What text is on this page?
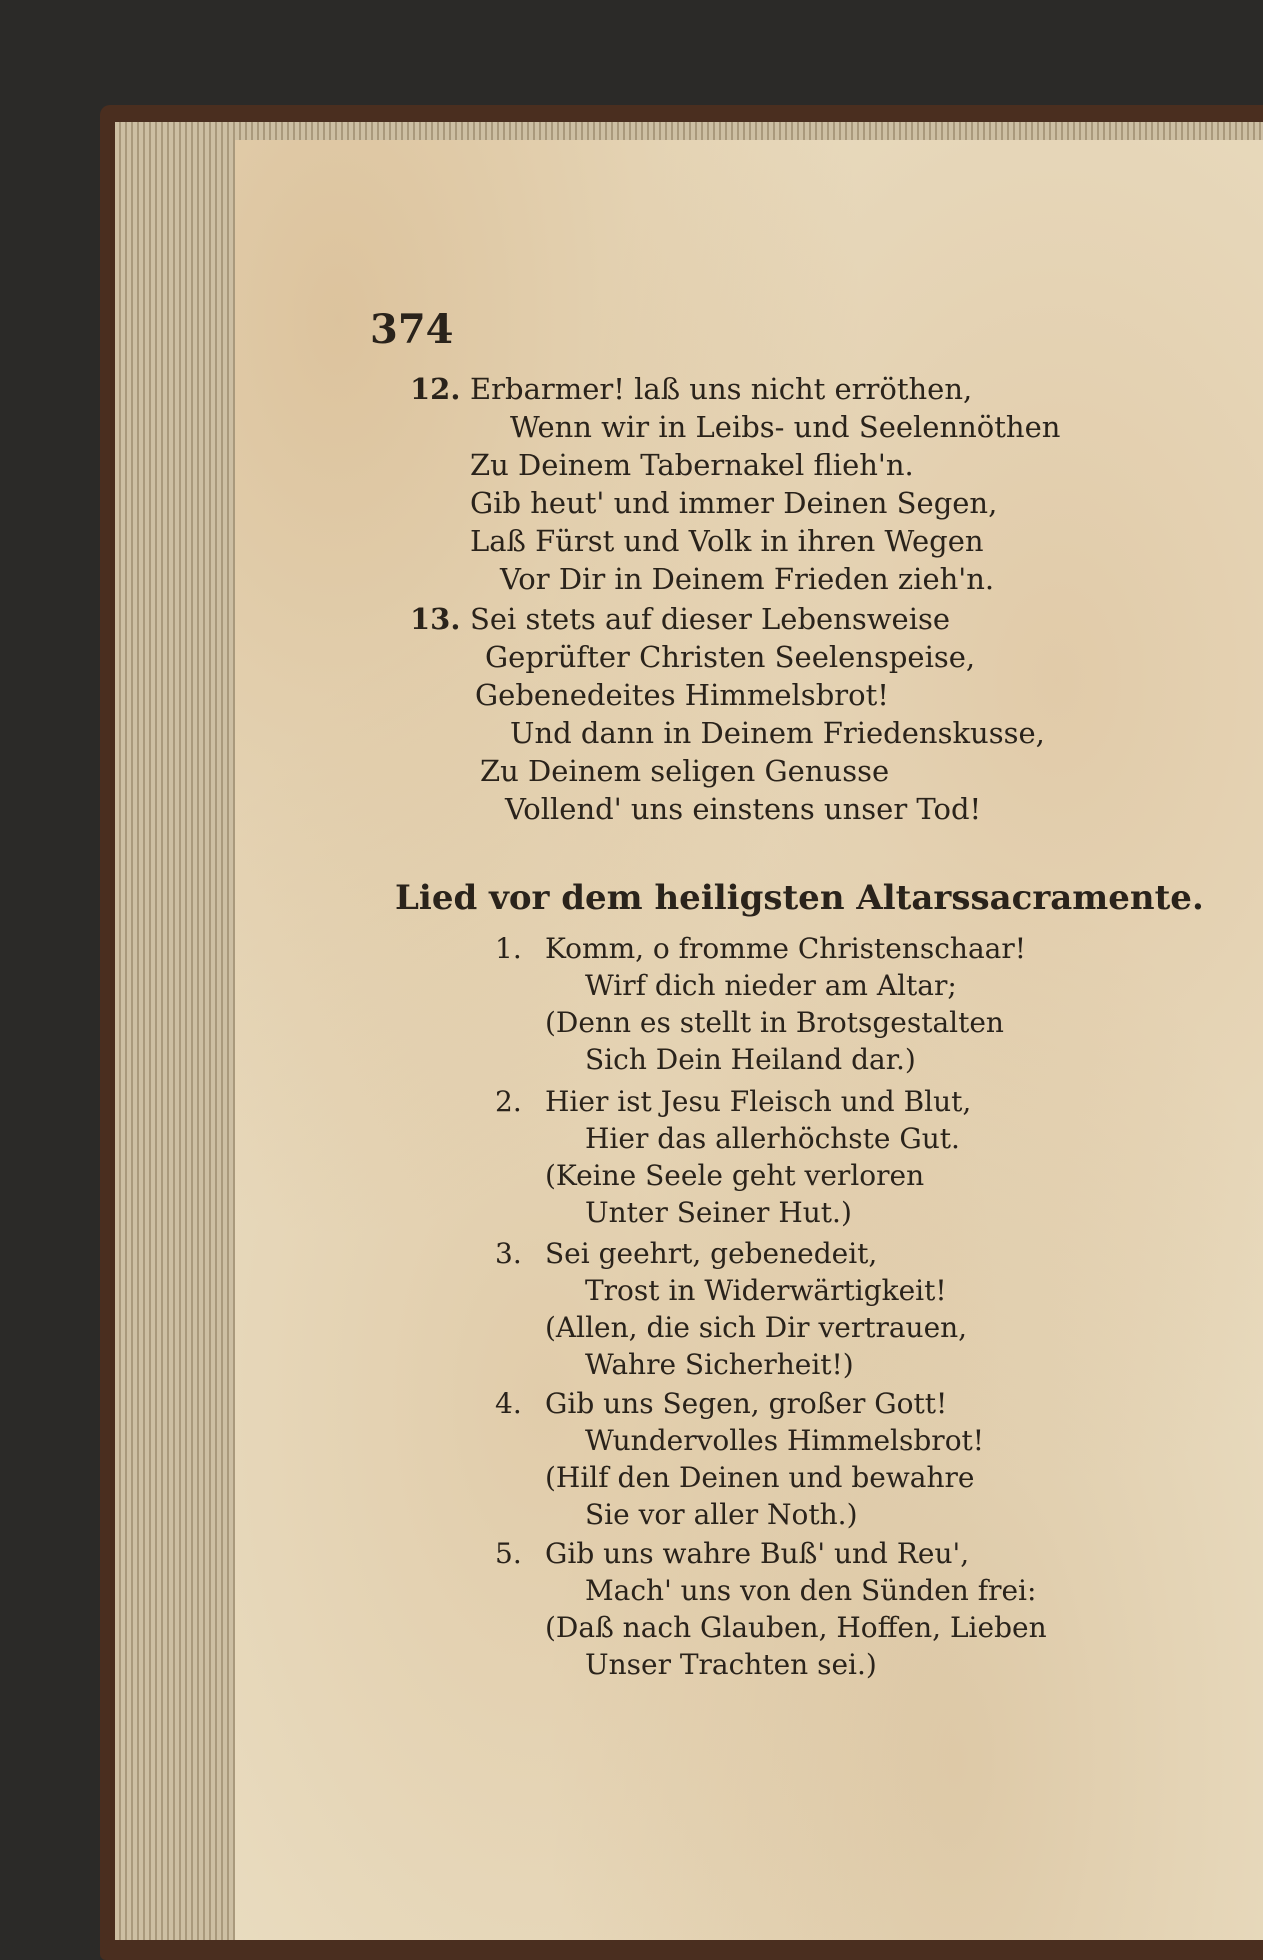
374

12. Erbarmer! laß uns nicht erröthen,
Wenn wir in Leibs- und Seelennöthen
Zu Deinem Tabernakel flieh'n.
Gib heut' und immer Deinen Segen,
Laß Fürst und Volk in ihren Wegen
Vor Dir in Deinem Frieden zieh'n.
13. Sei stets auf dieser Lebensweise
Geprüfter Christen Seelenspeise,
Gebenedeites Himmelsbrot!
Und dann in Deinem Friedenskusse,
Zu Deinem seligen Genusse
Vollend' uns einstens unser Tod!
Lied vor dem heiligsten Altarssacramente.
1. Komm, o fromme Christenschaar!
Wirf dich nieder am Altar;
(Denn es stellt in Brotsgestalten
Sich Dein Heiland dar.)
2. Hier ist Jesu Fleisch und Blut,
Hier das allerhöchste Gut.
(Keine Seele geht verloren
Unter Seiner Hut.)
3. Sei geehrt, gebenedeit,
Trost in Widerwärtigkeit!
(Allen, die sich Dir vertrauen,
Wahre Sicherheit!)
4. Gib uns Segen, großer Gott!
Wundervolles Himmelsbrot!
(Hilf den Deinen und bewahre
Sie vor aller Noth.)
5. Gib uns wahre Buß' und Reu',
Mach' uns von den Sünden frei:
(Daß nach Glauben, Hoffen, Lieben
Unser Trachten sei.)
